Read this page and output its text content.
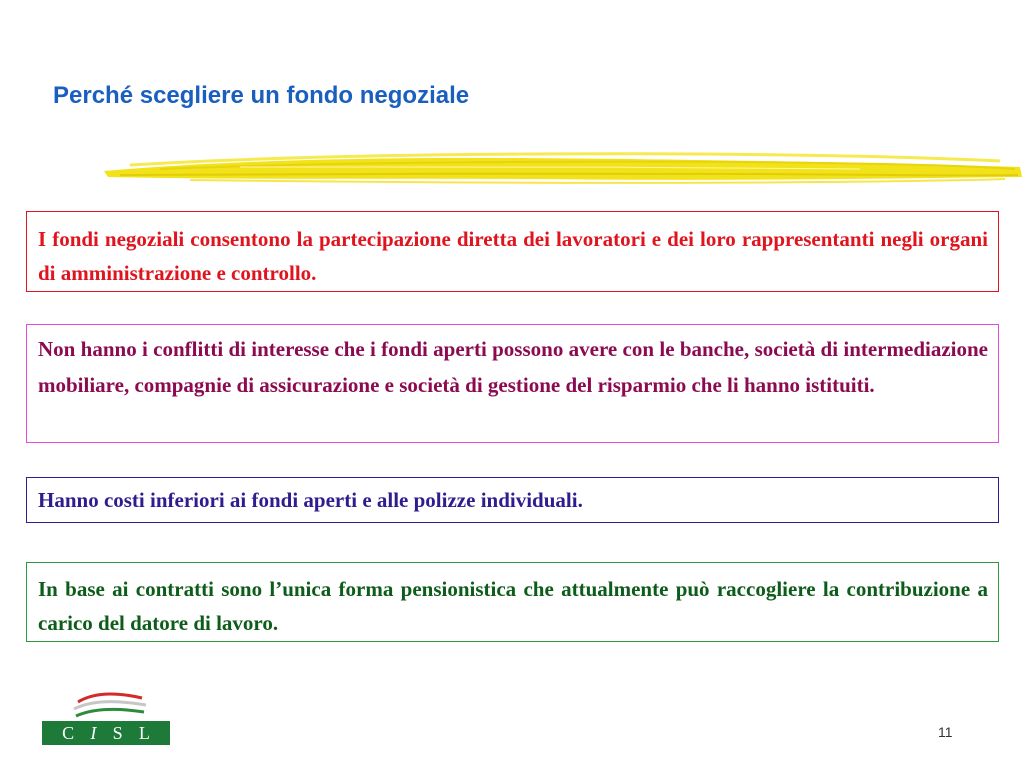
Perché scegliere un fondo negoziale

I fondi negoziali consentono la partecipazione diretta dei lavoratori e dei loro rappresentanti negli organi di amministrazione e controllo.

Non hanno i conflitti di interesse che i fondi aperti possono avere con le banche, società di intermediazione mobiliare, compagnie di assicurazione e società di gestione del risparmio che li hanno istituiti.

Hanno costi inferiori ai fondi aperti e alle polizze individuali.

In base ai contratti sono l’unica forma pensionistica che attualmente può raccogliere la contribuzione a carico del datore di lavoro.

C I S L	11
